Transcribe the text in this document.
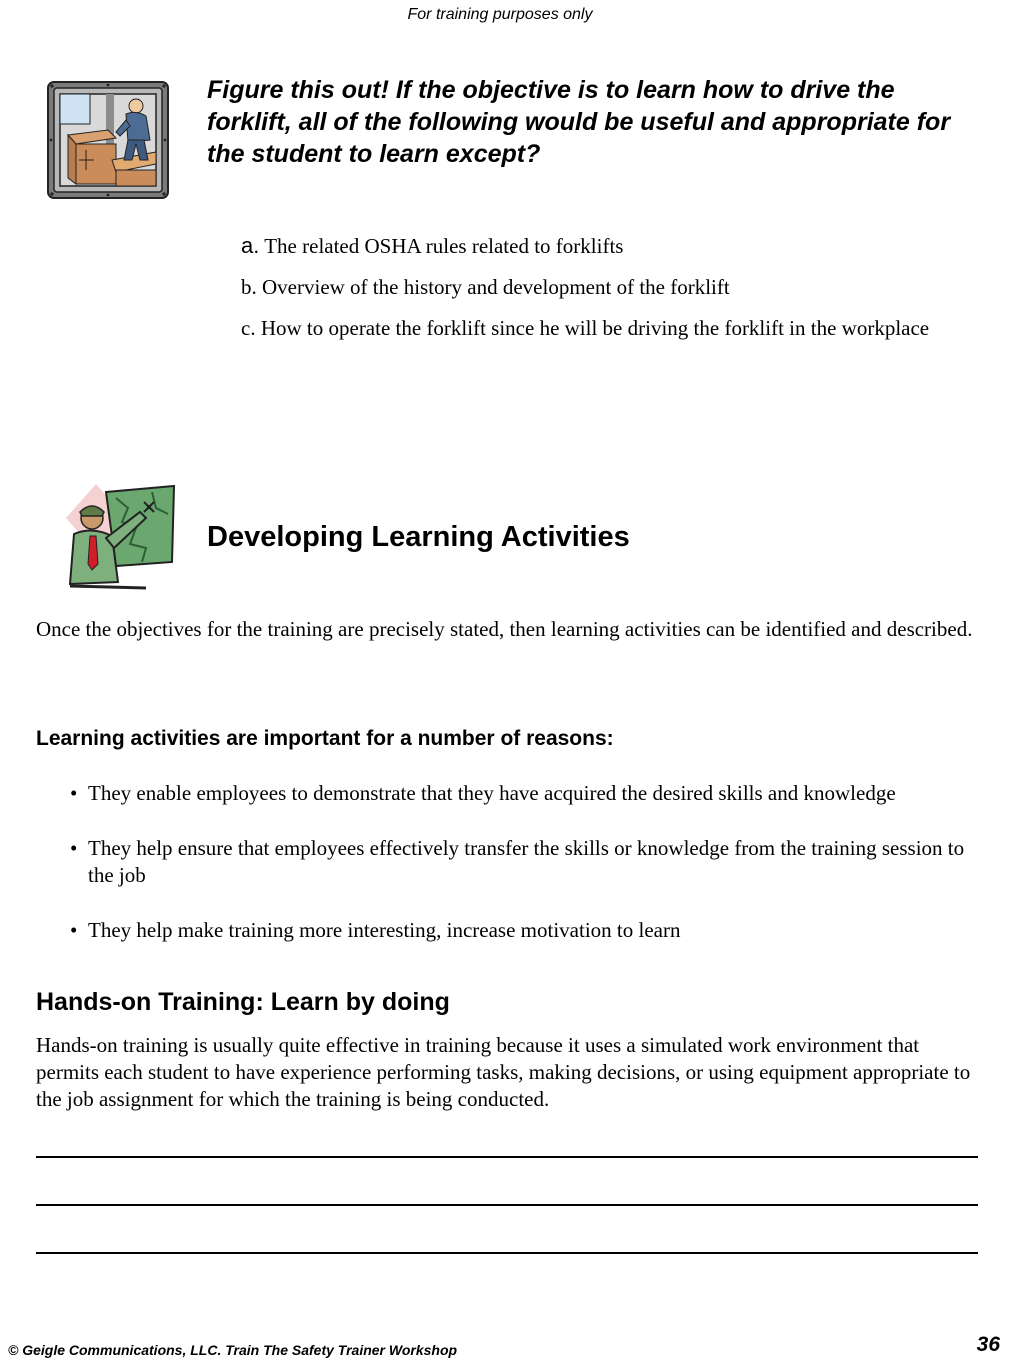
For training purposes only
Figure this out! If the objective is to learn how to drive the forklift, all of the following would be useful and appropriate for the student to learn except?
a. The related OSHA rules related to forklifts
b. Overview of the history and development of the forklift
c. How to operate the forklift since he will be driving the forklift in the workplace
Developing Learning Activities
Once the objectives for the training are precisely stated, then learning activities can be identified and described.
Learning activities are important for a number of reasons:
• They enable employees to demonstrate that they have acquired the desired skills and knowledge
• They help ensure that employees effectively transfer the skills or knowledge from the training session to the job
• They help make training more interesting, increase motivation to learn
Hands-on Training: Learn by doing
Hands-on training is usually quite effective in training because it uses a simulated work environment that permits each student to have experience performing tasks, making decisions, or using equipment appropriate to the job assignment for which the training is being conducted.
© Geigle Communications, LLC. Train The Safety Trainer Workshop	36
